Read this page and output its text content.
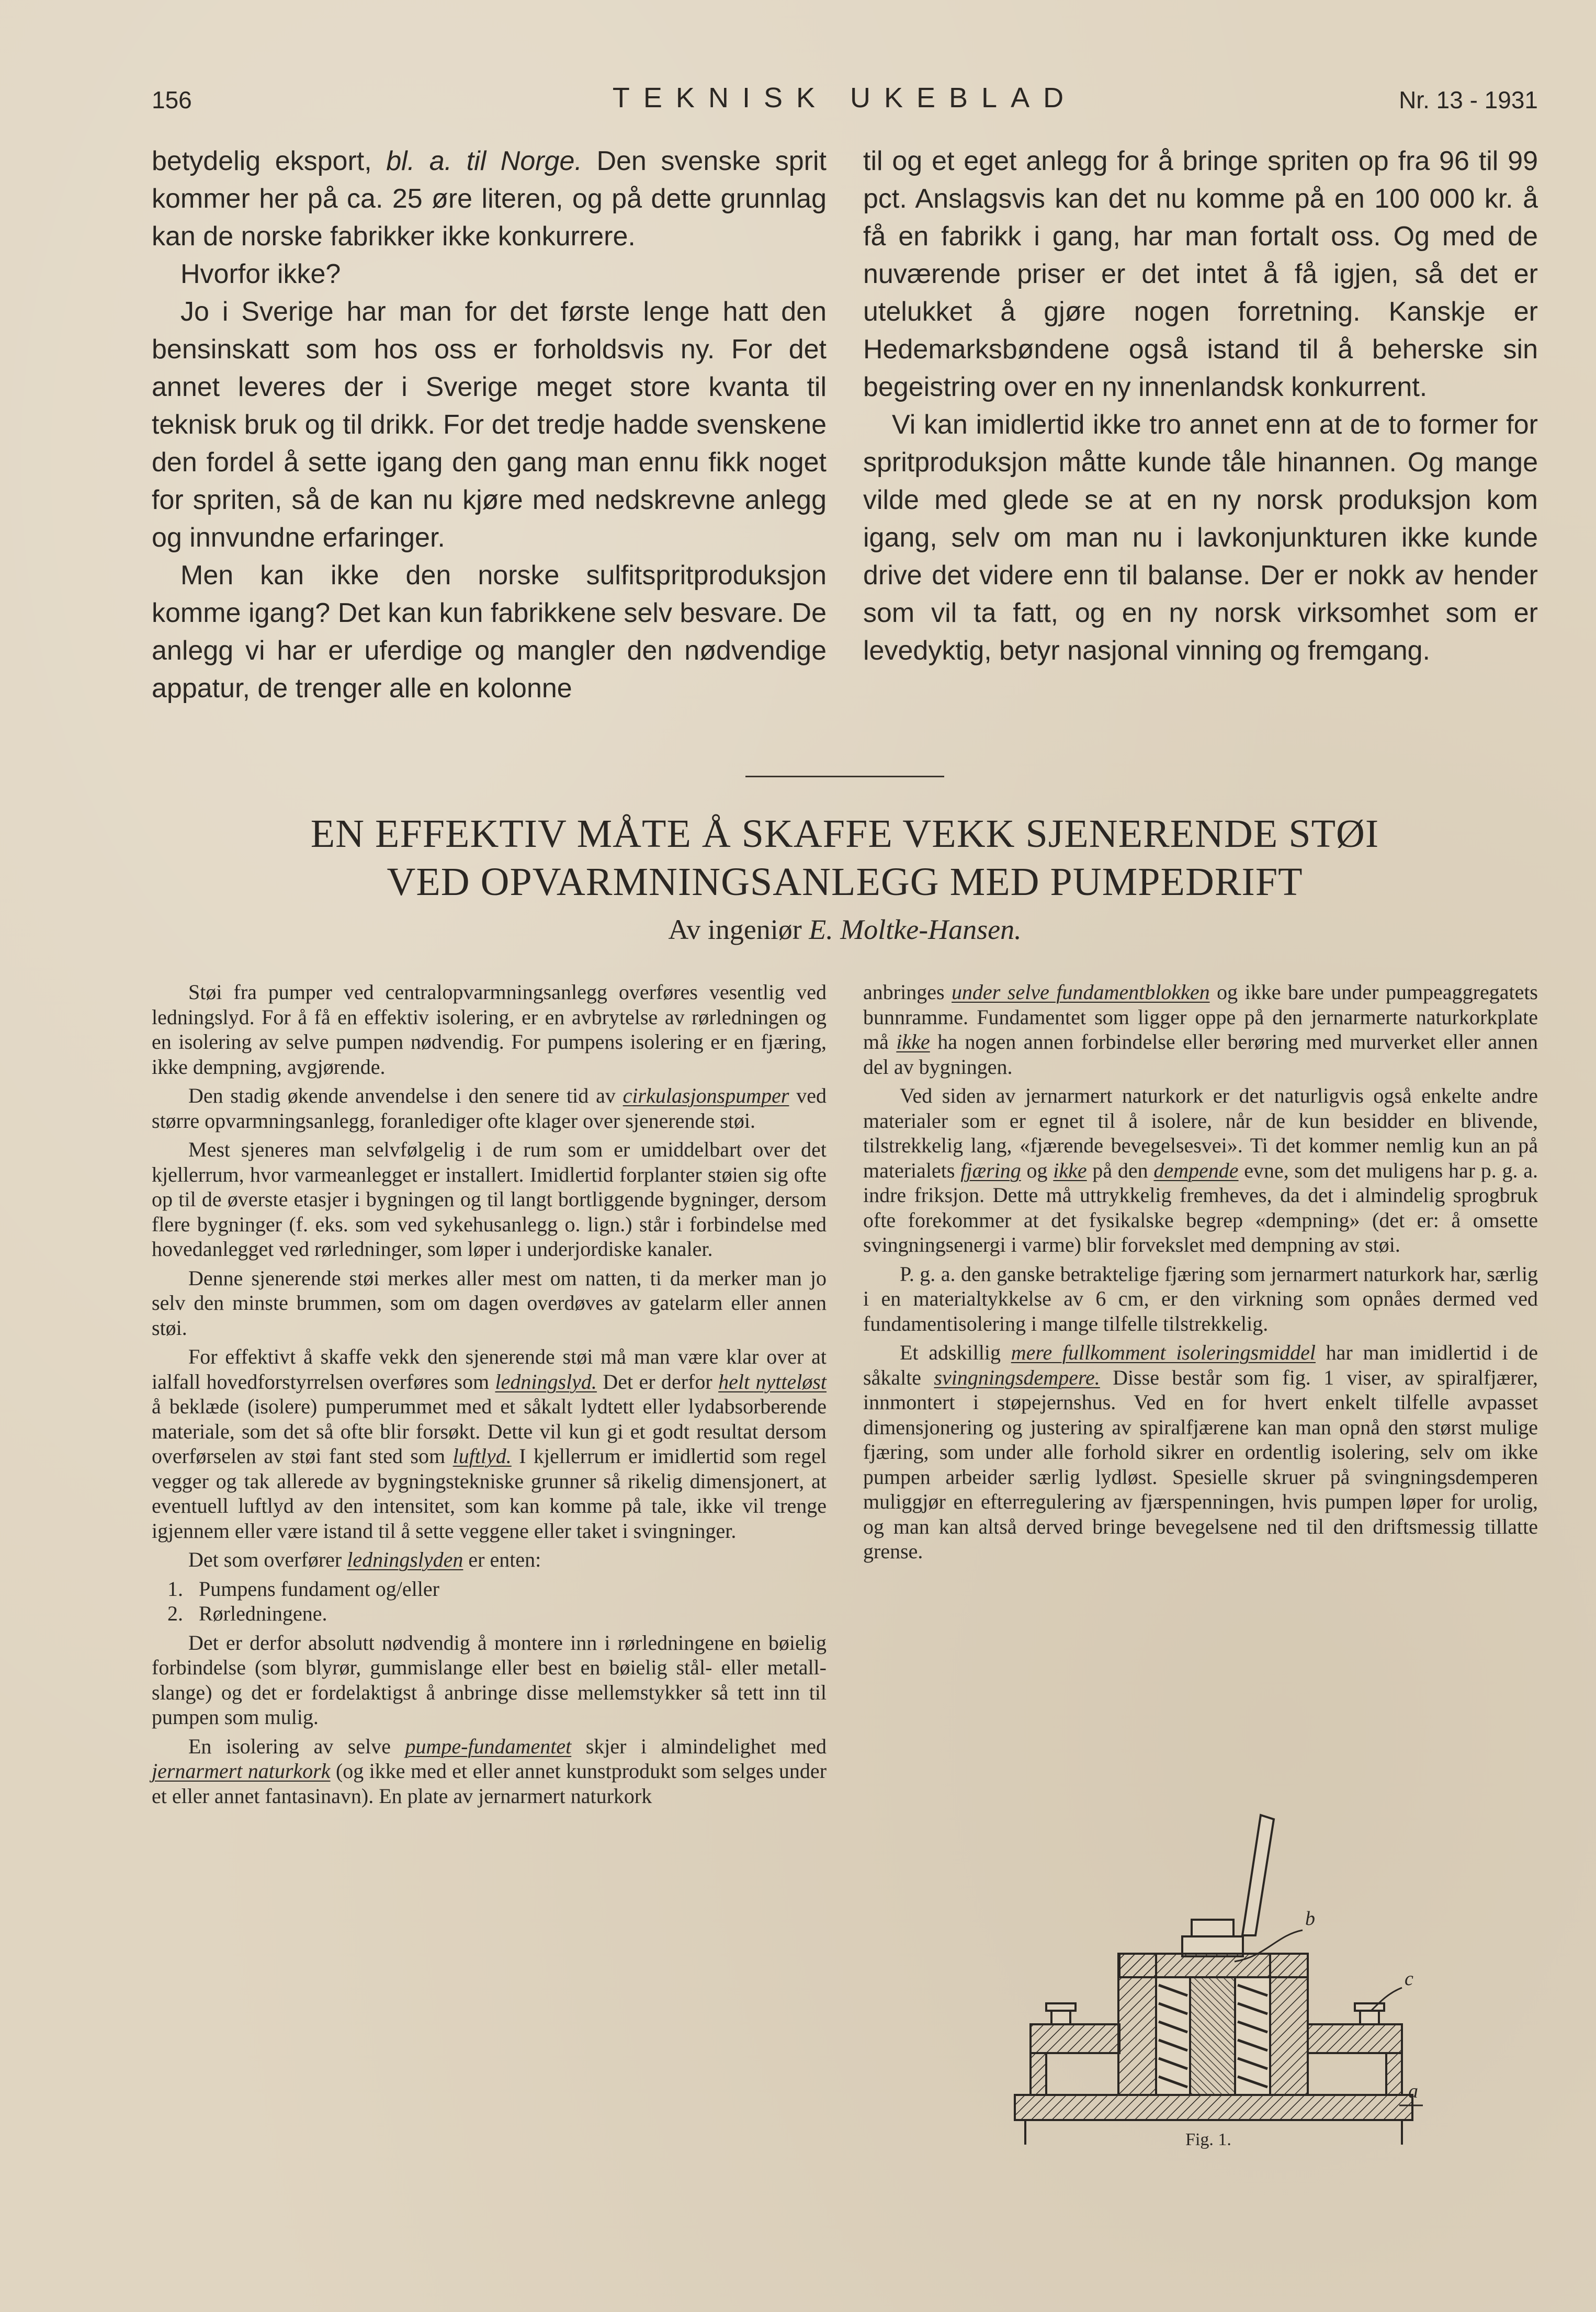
156	TEKNISK UKEBLAD	Nr. 13 - 1931

betydelig eksport, bl. a. til Norge. Den svenske sprit kommer her på ca. 25 øre literen, og på dette grunnlag kan de norske fabrikker ikke konkurrere.

Hvorfor ikke?

Jo i Sverige har man for det første lenge hatt den bensinskatt som hos oss er forholdsvis ny. For det annet leveres der i Sverige meget store kvanta til teknisk bruk og til drikk. For det tredje hadde svenskene den fordel å sette igang den gang man ennu fikk noget for spriten, så de kan nu kjøre med nedskrevne anlegg og innvundne erfaringer.

Men kan ikke den norske sulfitspritproduksjon komme igang? Det kan kun fabrikkene selv besvare. De anlegg vi har er uferdige og mangler den nødvendige appatur, de trenger alle en kolonne

til og et eget anlegg for å bringe spriten op fra 96 til 99 pct. Anslagsvis kan det nu komme på en 100 000 kr. å få en fabrikk i gang, har man fortalt oss. Og med de nuværende priser er det intet å få igjen, så det er utelukket å gjøre nogen forretning. Kanskje er Hedemarksbøndene også istand til å beherske sin begeistring over en ny innenlandsk konkurrent.

Vi kan imidlertid ikke tro annet enn at de to former for spritproduksjon måtte kunde tåle hinannen. Og mange vilde med glede se at en ny norsk produksjon kom igang, selv om man nu i lavkonjunkturen ikke kunde drive det videre enn til balanse. Der er nokk av hender som vil ta fatt, og en ny norsk virksomhet som er levedyktig, betyr nasjonal vinning og fremgang.

EN EFFEKTIV MÅTE Å SKAFFE VEKK SJENERENDE STØI
VED OPVARMNINGSANLEGG MED PUMPEDRIFT
Av ingeniør E. Moltke-Hansen.

Støi fra pumper ved centralopvarmningsanlegg overføres vesentlig ved ledningslyd. For å få en effektiv isolering, er en avbrytelse av rørledningen og en isolering av selve pumpen nødvendig. For pumpens isolering er en fjæring, ikke dempning, avgjørende.

Den stadig økende anvendelse i den senere tid av cirkulasjonspumper ved større opvarmningsanlegg, foranlediger ofte klager over sjenerende støi.

Mest sjeneres man selvfølgelig i de rum som er umiddelbart over det kjellerrum, hvor varmeanlegget er installert. Imidlertid forplanter støien sig ofte op til de øverste etasjer i bygningen og til langt bortliggende bygninger, dersom flere bygninger (f. eks. som ved sykehusanlegg o. lign.) står i forbindelse med hovedanlegget ved rørledninger, som løper i underjordiske kanaler.

Denne sjenerende støi merkes aller mest om natten, ti da merker man jo selv den minste brummen, som om dagen overdøves av gatelarm eller annen støi.

For effektivt å skaffe vekk den sjenerende støi må man være klar over at ialfall hovedforstyrrelsen overføres som ledningslyd. Det er derfor helt nytteløst å beklæde (isolere) pumperummet med et såkalt lydtett eller lydabsorberende materiale, som det så ofte blir forsøkt. Dette vil kun gi et godt resultat dersom overførselen av støi fant sted som luftlyd. I kjellerrum er imidlertid som regel vegger og tak allerede av bygningstekniske grunner så rikelig dimensjonert, at eventuell luftlyd av den intensitet, som kan komme på tale, ikke vil trenge igjennem eller være istand til å sette veggene eller taket i svingninger.

Det som overfører ledningslyden er enten:

1. Pumpens fundament og/eller
2. Rørledningene.

Det er derfor absolutt nødvendig å montere inn i rørledningene en bøielig forbindelse (som blyrør, gummislange eller best en bøielig stål- eller metall-slange) og det er fordelaktigst å anbringe disse mellemstykker så tett inn til pumpen som mulig.

En isolering av selve pumpe-fundamentet skjer i almindelighet med jernarmert naturkork (og ikke med et eller annet kunstprodukt som selges under et eller annet fantasinavn). En plate av jernarmert naturkork

anbringes under selve fundamentblokken og ikke bare under pumpeaggregatets bunnramme. Fundamentet som ligger oppe på den jernarmerte naturkorkplate må ikke ha nogen annen forbindelse eller berøring med murverket eller annen del av bygningen.

Ved siden av jernarmert naturkork er det naturligvis også enkelte andre materialer som er egnet til å isolere, når de kun besidder en blivende, tilstrekkelig lang, «fjærende bevegelsesvei». Ti det kommer nemlig kun an på materialets fjæring og ikke på den dempende evne, som det muligens har p. g. a. indre friksjon. Dette må uttrykkelig fremheves, da det i almindelig sprogbruk ofte forekommer at det fysikalske begrep «dempning» (det er: å omsette svingningsenergi i varme) blir forvekslet med dempning av støi.

P. g. a. den ganske betraktelige fjæring som jernarmert naturkork har, særlig i en materialtykkelse av 6 cm, er den virkning som opnåes dermed ved fundamentisolering i mange tilfelle tilstrekkelig.

Et adskillig mere fullkomment isoleringsmiddel har man imidlertid i de såkalte svingningsdempere. Disse består som fig. 1 viser, av spiralfjærer, innmontert i støpejernshus. Ved en for hvert enkelt tilfelle avpasset dimensjonering og justering av spiralfjærene kan man opnå den størst mulige fjæring, som under alle forhold sikrer en ordentlig isolering, selv om ikke pumpen arbeider særlig lydløst. Spesielle skruer på svingningsdemperen muliggjør en efterregulering av fjærspenningen, hvis pumpen løper for urolig, og man kan altså derved bringe bevegelsene ned til den driftsmessig tillatte grense.

b
c
a
Fig. 1.
